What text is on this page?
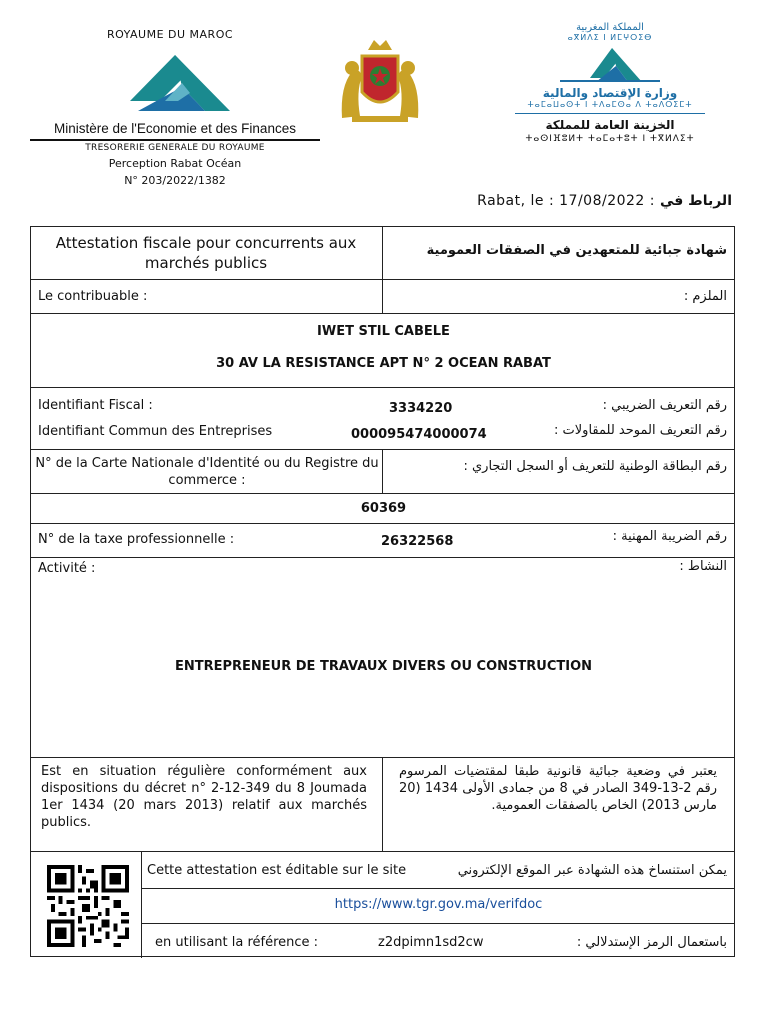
ROYAUME DU MAROC
Ministère de l'Economie et des Finances
TRESORERIE GENERALE DU ROYAUME
Perception Rabat Océan
N° 203/2022/1382
المملكة المغربية
ⴰⴳⵍⴷⵉ ⵏ ⵍⵎⵖⵔⵉⴱ
وزارة الإقتصاد والمالية
ⵜⴰⵎⴰⵡⴰⵙⵜ ⵏ ⵜⴷⴰⵎⵙⴰ ⴷ ⵜⴰⴷⵔⵉⵎⵜ
الخزينة العامة للمملكة
ⵜⴰⵙⵏⴼⵓⵍⵜ ⵜⴰⵎⴰⵜⵓⵜ ⵏ ⵜⴳⵍⴷⵉⵜ
Rabat, le : 17/08/2022 : الرباط في
Attestation fiscale pour concurrents aux marchés publics
شهادة جبائية للمتعهدين في الصفقات العمومية
Le contribuable :	الملزم :
IWET STIL CABELE
30 AV LA RESISTANCE APT N° 2 OCEAN RABAT
Identifiant Fiscal :	3334220	رقم التعريف الضريبي :
Identifiant Commun des Entreprises	000095474000074	رقم التعريف الموحد للمقاولات :
N° de la Carte Nationale d'Identité ou du Registre du commerce :
رقم البطاقة الوطنية للتعريف أو السجل التجاري :
60369
N° de la taxe professionnelle :	26322568	رقم الضريبة المهنية :
Activité :	النشاط :
ENTREPRENEUR DE TRAVAUX DIVERS OU CONSTRUCTION
Est en situation régulière conformément aux dispositions du décret n° 2-12-349 du 8 Joumada 1er 1434 (20 mars 2013) relatif aux marchés publics.
يعتبر في وضعية جبائية قانونية طبقا لمقتضيات المرسوم رقم 2-13-349 الصادر في 8 من جمادى الأولى 1434 (20 مارس 2013) الخاص بالصفقات العمومية.
Cette attestation est éditable sur le site	يمكن استنساخ هذه الشهادة عبر الموقع الإلكتروني
https://www.tgr.gov.ma/verifdoc
en utilisant la référence :	z2dpimn1sd2cw	باستعمال الرمز الإستدلالي :
